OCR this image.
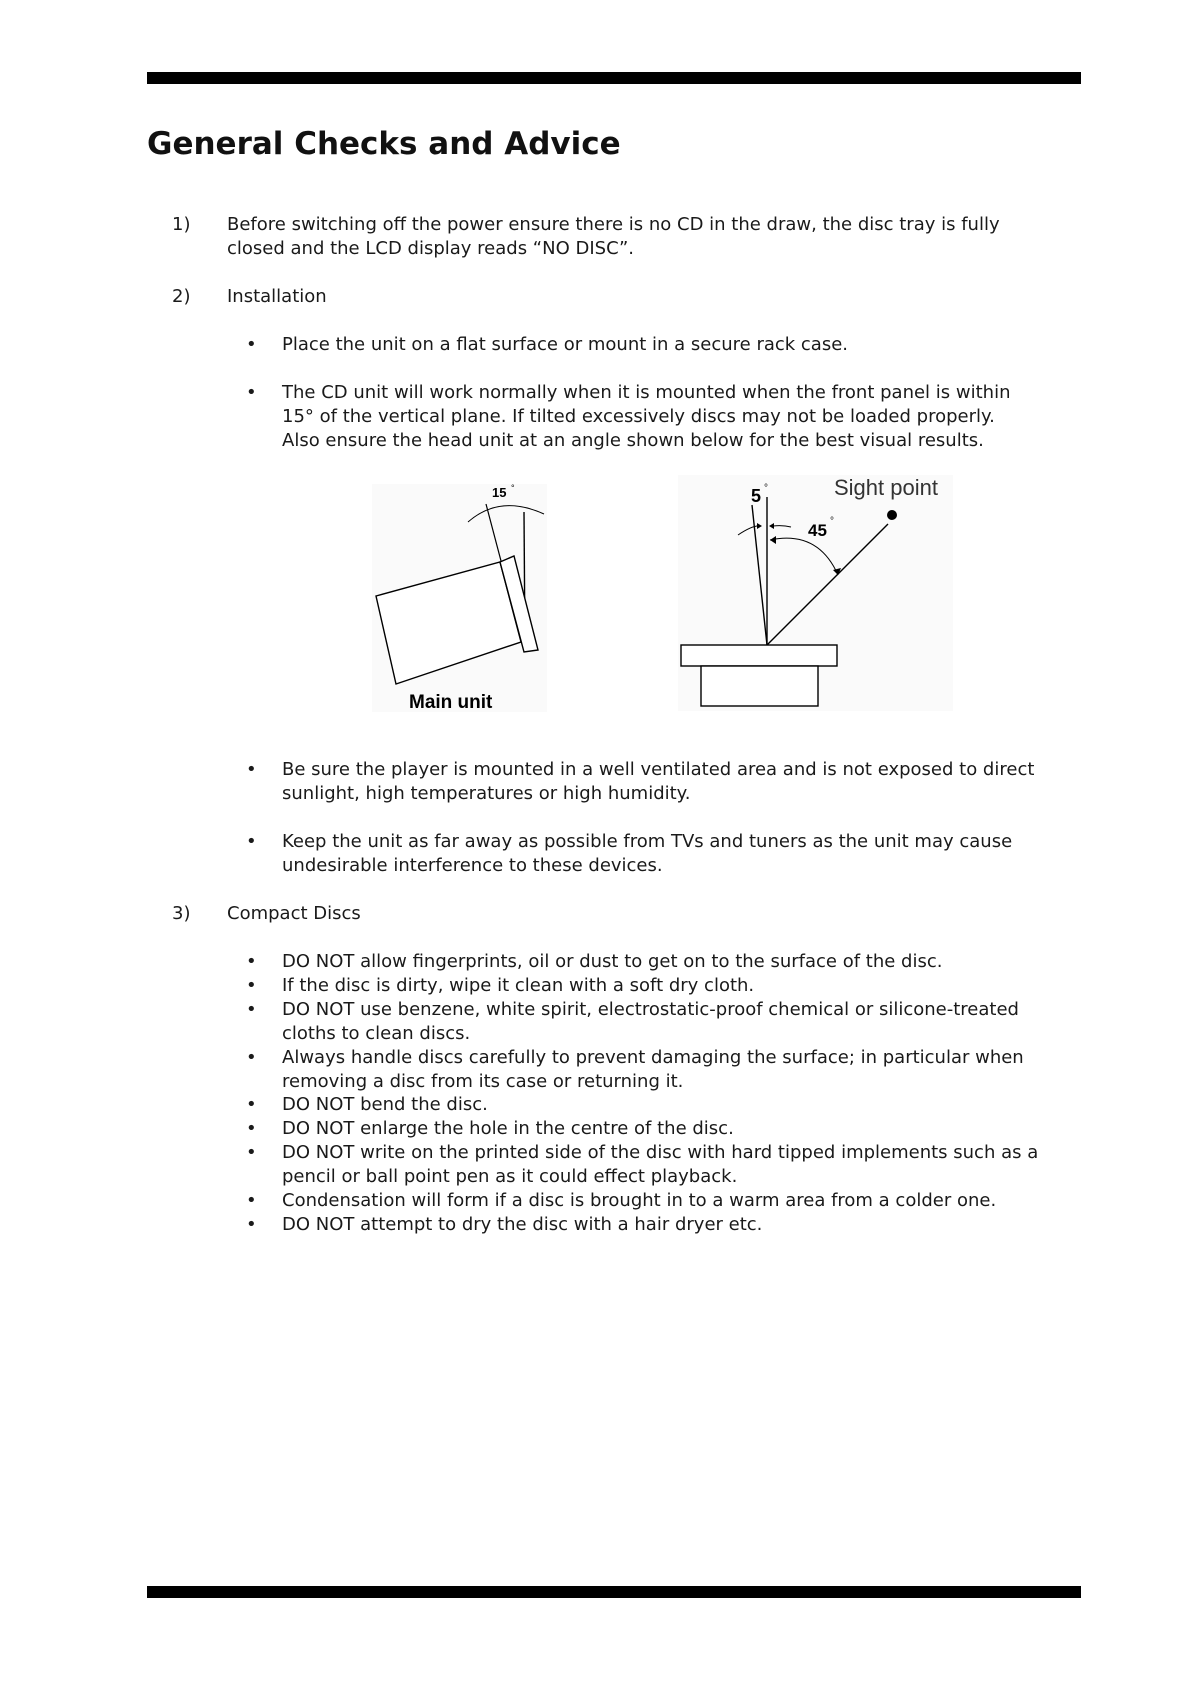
General Checks and Advice
1) Before switching off the power ensure there is no CD in the draw, the disc tray is fully
closed and the LCD display reads “NO DISC”.
2) Installation
• Place the unit on a flat surface or mount in a secure rack case.
• The CD unit will work normally when it is mounted when the front panel is within
15° of the vertical plane. If tilted excessively discs may not be loaded properly.
Also ensure the head unit at an angle shown below for the best visual results.
15 °
Main unit
5 °
45 °
Sight point
• Be sure the player is mounted in a well ventilated area and is not exposed to direct
sunlight, high temperatures or high humidity.
• Keep the unit as far away as possible from TVs and tuners as the unit may cause
undesirable interference to these devices.
3) Compact Discs
• DO NOT allow fingerprints, oil or dust to get on to the surface of the disc.
• If the disc is dirty, wipe it clean with a soft dry cloth.
• DO NOT use benzene, white spirit, electrostatic-proof chemical or silicone-treated
cloths to clean discs.
• Always handle discs carefully to prevent damaging the surface; in particular when
removing a disc from its case or returning it.
• DO NOT bend the disc.
• DO NOT enlarge the hole in the centre of the disc.
• DO NOT write on the printed side of the disc with hard tipped implements such as a
pencil or ball point pen as it could effect playback.
• Condensation will form if a disc is brought in to a warm area from a colder one.
• DO NOT attempt to dry the disc with a hair dryer etc.
